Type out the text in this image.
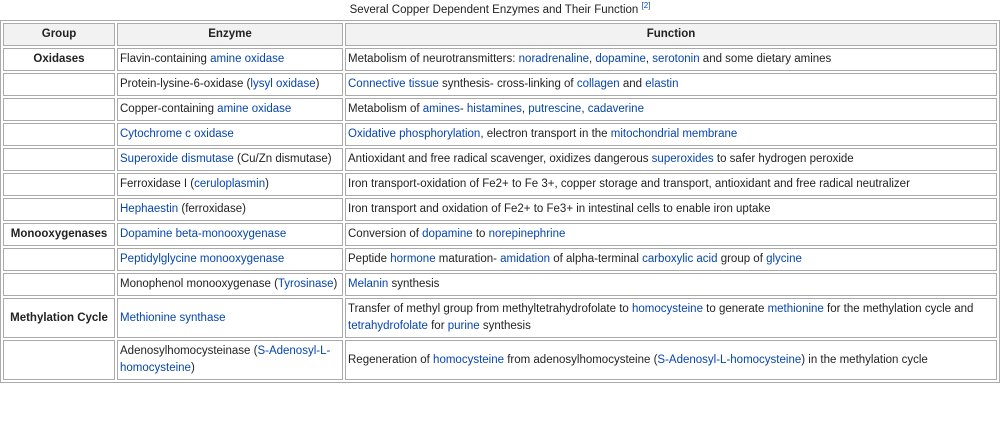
Several Copper Dependent Enzymes and Their Function [2]
Group	Enzyme	Function
Oxidases	Flavin-containing amine oxidase	Metabolism of neurotransmitters: noradrenaline, dopamine, serotonin and some dietary amines
	Protein-lysine-6-oxidase (lysyl oxidase)	Connective tissue synthesis- cross-linking of collagen and elastin
	Copper-containing amine oxidase	Metabolism of amines- histamines, putrescine, cadaverine
	Cytochrome c oxidase	Oxidative phosphorylation, electron transport in the mitochondrial membrane
	Superoxide dismutase (Cu/Zn dismutase)	Antioxidant and free radical scavenger, oxidizes dangerous superoxides to safer hydrogen peroxide
	Ferroxidase I (ceruloplasmin)	Iron transport-oxidation of Fe2+ to Fe 3+, copper storage and transport, antioxidant and free radical neutralizer
	Hephaestin (ferroxidase)	Iron transport and oxidation of Fe2+ to Fe3+ in intestinal cells to enable iron uptake
Monooxygenases	Dopamine beta-monooxygenase	Conversion of dopamine to norepinephrine
	Peptidylglycine monooxygenase	Peptide hormone maturation- amidation of alpha-terminal carboxylic acid group of glycine
	Monophenol monooxygenase (Tyrosinase)	Melanin synthesis
Methylation Cycle	Methionine synthase	Transfer of methyl group from methyltetrahydrofolate to homocysteine to generate methionine for the methylation cycle and tetrahydrofolate for purine synthesis
	Adenosylhomocysteinase (S-Adenosyl-L-homocysteine)	Regeneration of homocysteine from adenosylhomocysteine (S-Adenosyl-L-homocysteine) in the methylation cycle
